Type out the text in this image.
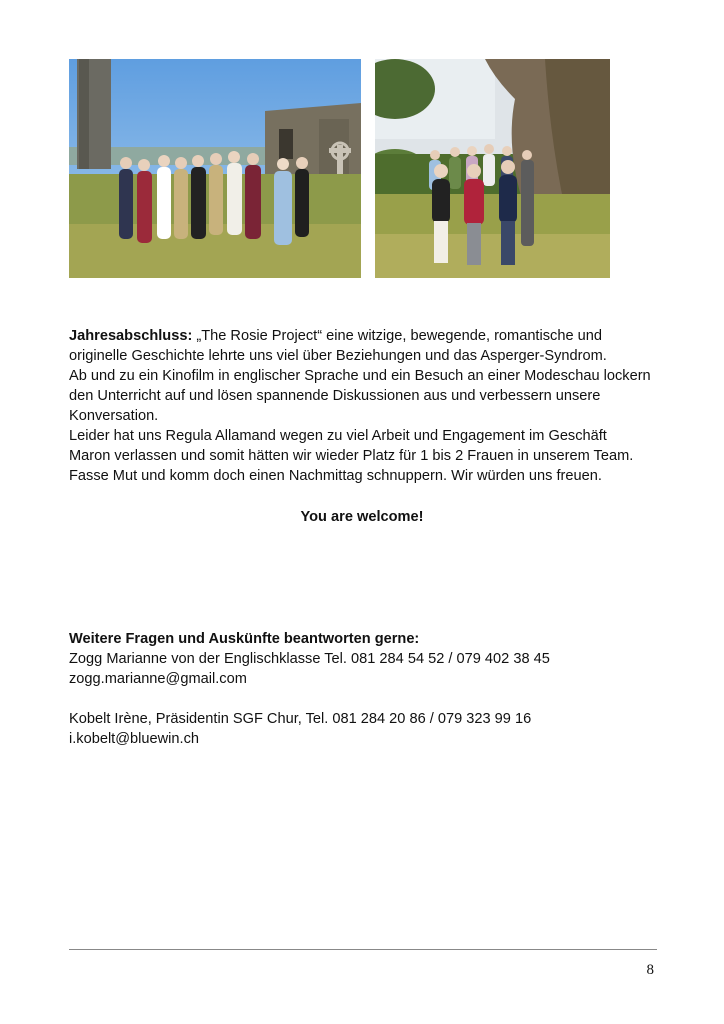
Jahresabschluss: „The Rosie Project“ eine witzige, bewegende, romantische und

originelle Geschichte lehrte uns viel über Beziehungen und das Asperger-Syndrom.

Ab und zu ein Kinofilm in englischer Sprache und ein Besuch an einer Modeschau lockern

den Unterricht auf und lösen spannende Diskussionen aus und verbessern unsere

Konversation.

Leider hat uns Regula Allamand wegen zu viel Arbeit und Engagement im Geschäft

Maron verlassen und somit hätten wir wieder Platz für 1 bis 2 Frauen in unserem Team.

Fasse Mut und komm doch einen Nachmittag schnuppern. Wir würden uns freuen.

You are welcome!

Weitere Fragen und Auskünfte beantworten gerne:

Zogg Marianne von der Englischklasse Tel. 081 284 54 52 / 079 402 38 45

zogg.marianne@gmail.com

Kobelt Irène, Präsidentin SGF Chur, Tel. 081 284 20 86 / 079 323 99 16

i.kobelt@bluewin.ch

8
